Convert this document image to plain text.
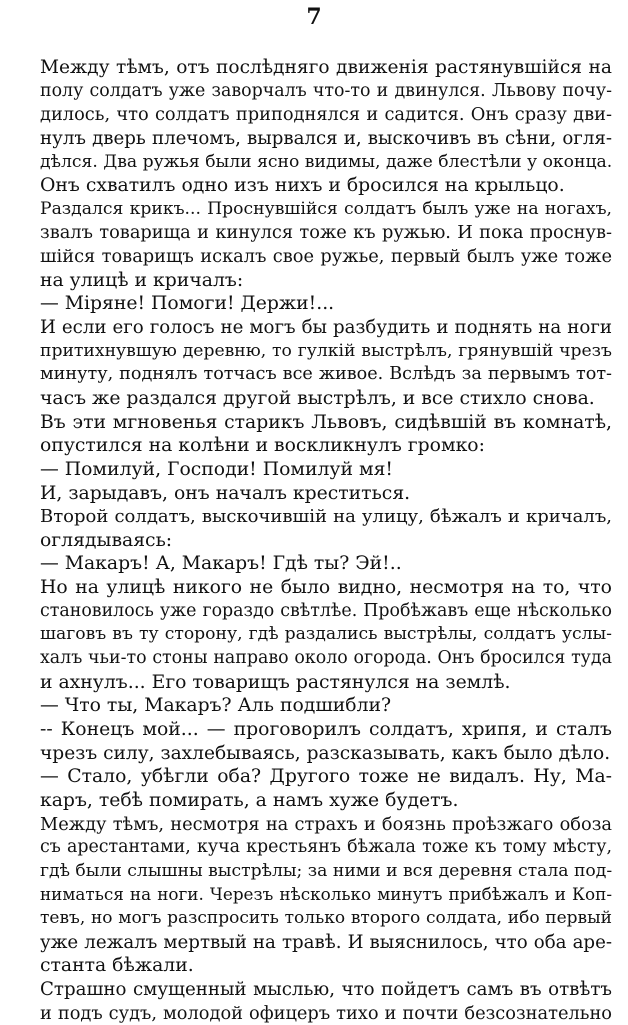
7
Между тѣмъ, отъ послѣдняго движенія растянувшійся на
полу солдатъ уже заворчалъ что-то и двинулся. Львову почу-
дилось, что солдатъ приподнялся и садится. Онъ сразу дви-
нулъ дверь плечомъ, вырвался и, выскочивъ въ сѣни, огля-
дѣлся. Два ружья были ясно видимы, даже блестѣли у оконца.
Онъ схватилъ одно изъ нихъ и бросился на крыльцо.
Раздался крикъ... Проснувшійся солдатъ былъ уже на ногахъ,
звалъ товарища и кинулся тоже къ ружью. И пока проснув-
шійся товарищъ искалъ свое ружье, первый былъ уже тоже
на улицѣ и кричалъ:
— Міряне! Помоги! Держи!...
И если его голосъ не могъ бы разбудить и поднять на ноги
притихнувшую деревню, то гулкій выстрѣлъ, грянувшій чрезъ
минуту, поднялъ тотчасъ все живое. Вслѣдъ за первымъ тот-
часъ же раздался другой выстрѣлъ, и все стихло снова.
Въ эти мгновенья старикъ Львовъ, сидѣвшій въ комнатѣ,
опустился на колѣни и воскликнулъ громко:
— Помилуй, Господи! Помилуй мя!
И, зарыдавъ, онъ началъ креститься.
Второй солдатъ, выскочившій на улицу, бѣжалъ и кричалъ,
оглядываясь:
— Макаръ! А, Макаръ! Гдѣ ты? Эй!..
Но на улицѣ никого не было видно, несмотря на то, что
становилось уже гораздо свѣтлѣе. Пробѣжавъ еще нѣсколько
шаговъ въ ту сторону, гдѣ раздались выстрѣлы, солдатъ услы-
халъ чьи-то стоны направо около огорода. Онъ бросился туда
и ахнулъ... Его товарищъ растянулся на землѣ.
— Что ты, Макаръ? Аль подшибли?
-- Конецъ мой... — проговорилъ солдатъ, хрипя, и сталъ
чрезъ силу, захлебываясь, разсказывать, какъ было дѣло.
— Стало, убѣгли оба? Другого тоже не видалъ. Ну, Ма-
каръ, тебѣ помирать, а намъ хуже будетъ.
Между тѣмъ, несмотря на страхъ и боязнь проѣзжаго обоза
съ арестантами, куча крестьянъ бѣжала тоже къ тому мѣсту,
гдѣ были слышны выстрѣлы; за ними и вся деревня стала под-
ниматься на ноги. Черезъ нѣсколько минутъ прибѣжалъ и Коп-
тевъ, но могъ разспросить только второго солдата, ибо первый
уже лежалъ мертвый на травѣ. И выяснилось, что оба аре-
станта бѣжали.
Страшно смущенный мыслью, что пойдетъ самъ въ отвѣтъ
и подъ судъ, молодой офицеръ тихо и почти безсознательно
